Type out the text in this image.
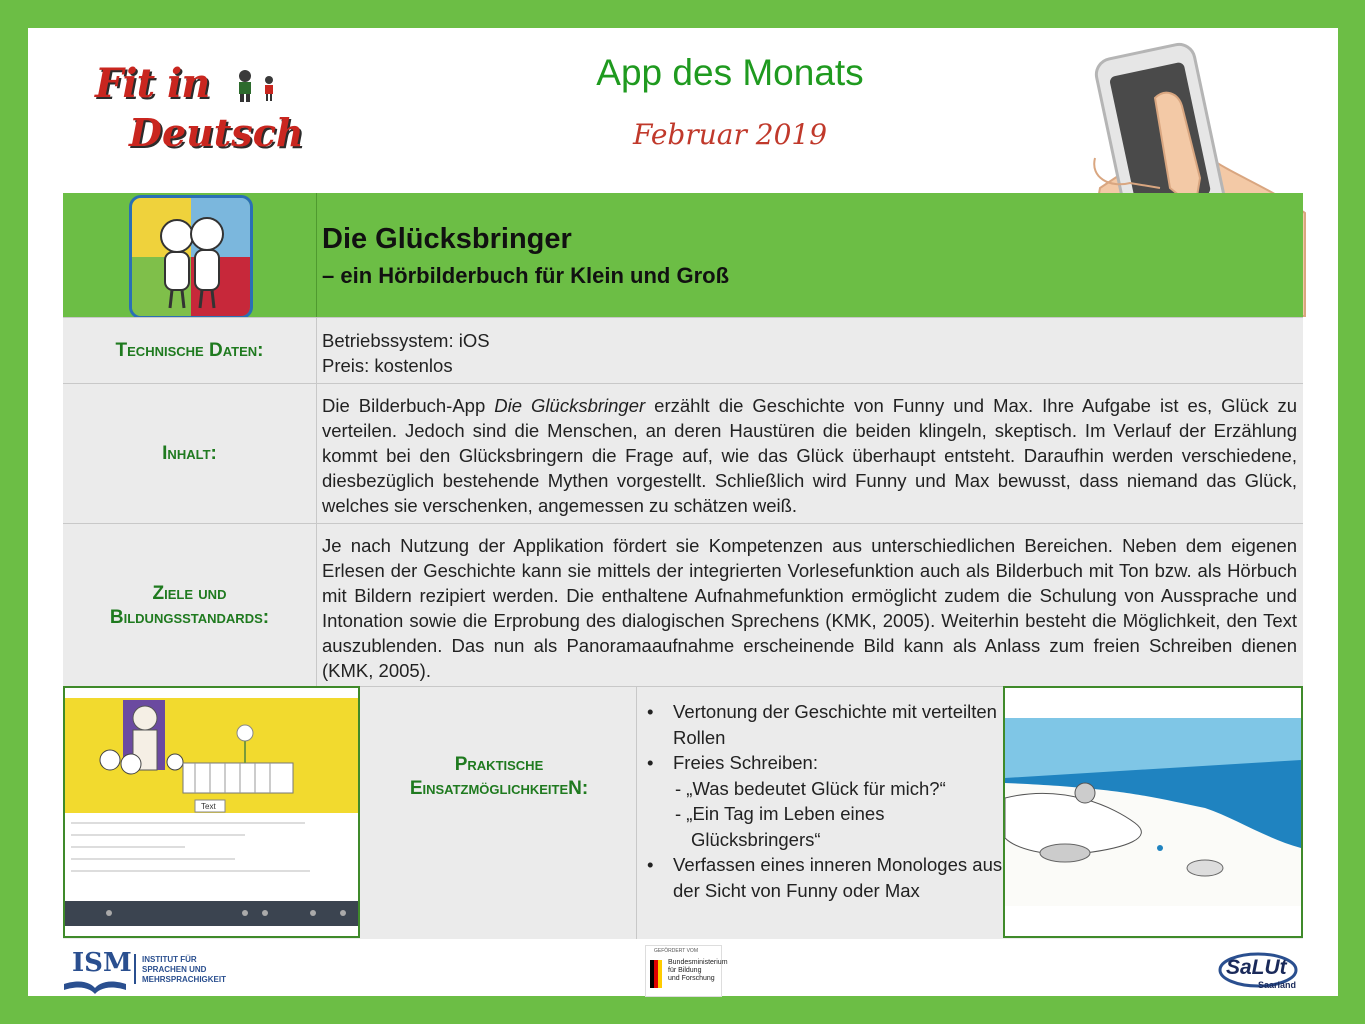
Fit in
Deutsch
App des Monats
Februar 2019
Die Glücksbringer
– ein Hörbilderbuch für Klein und Groß
Technische Daten:	Betriebssystem: iOS
Preis: kostenlos
Inhalt:
Die Bilderbuch-App Die Glücksbringer erzählt die Geschichte von Funny und Max. Ihre Aufgabe ist es, Glück zu verteilen. Jedoch sind die Menschen, an deren Haustüren die beiden klingeln, skeptisch. Im Verlauf der Erzählung kommt bei den Glücksbringern die Frage auf, wie das Glück überhaupt entsteht. Daraufhin werden verschiedene, diesbezüglich bestehende Mythen vorgestellt. Schließlich wird Funny und Max bewusst, dass niemand das Glück, welches sie verschenken, angemessen zu schätzen weiß.
Ziele und
Bildungsstandards:
Je nach Nutzung der Applikation fördert sie Kompetenzen aus unterschiedlichen Bereichen. Neben dem eigenen Erlesen der Geschichte kann sie mittels der integrierten Vorlesefunktion auch als Bilderbuch mit Ton bzw. als Hörbuch mit Bildern rezipiert werden. Die enthaltene Aufnahmefunktion ermöglicht zudem die Schulung von Aussprache und Intonation sowie die Erprobung des dialogischen Sprechens (KMK, 2005). Weiterhin besteht die Möglichkeit, den Text auszublenden. Das nun als Panoramaaufnahme erscheinende Bild kann als Anlass zum freien Schreiben dienen (KMK, 2005).
Praktische
EinsatzmöglichkeiteN:
• Vertonung der Geschichte mit verteilten Rollen
• Freies Schreiben:
- „Was bedeutet Glück für mich?“
- „Ein Tag im Leben eines Glücksbringers“
• Verfassen eines inneren Monologes aus der Sicht von Funny oder Max
Text
ISM INSTITUT FÜR
SPRACHEN UND
MEHRSPRACHIGKEIT
GEFÖRDERT VOM
Bundesministerium
für Bildung
und Forschung	SaLUt
Saarland
